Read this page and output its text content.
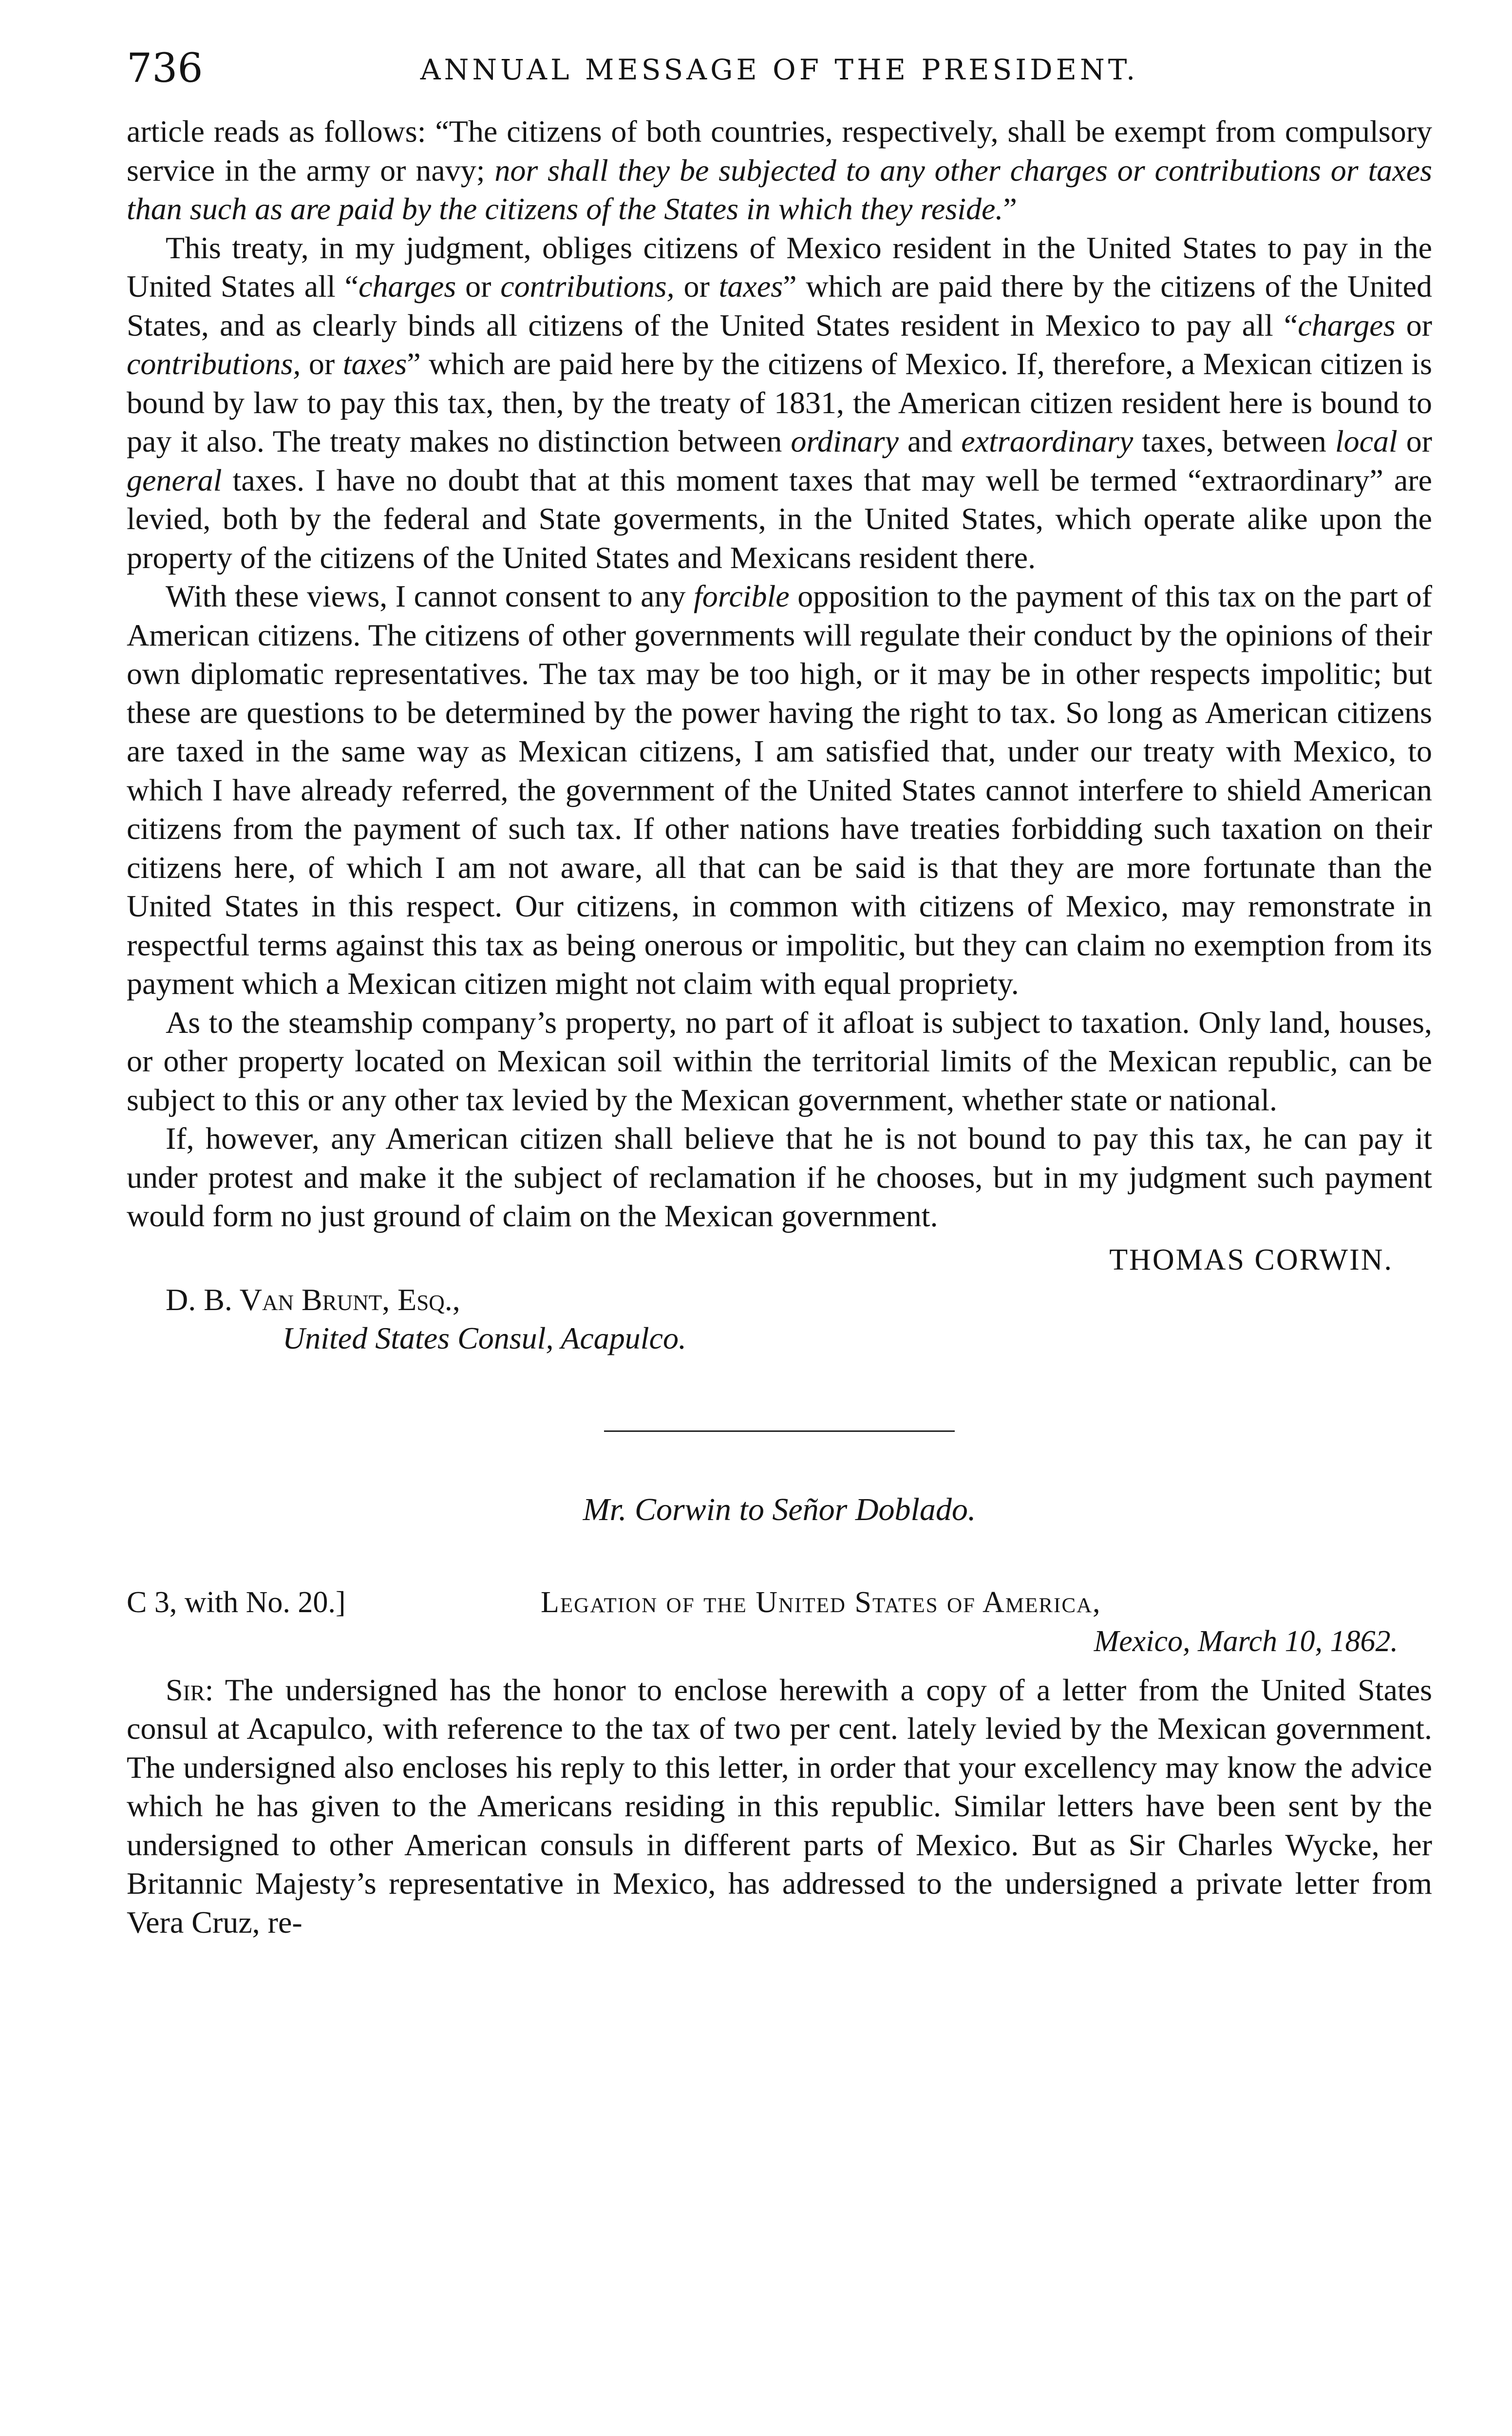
736	ANNUAL MESSAGE OF THE PRESIDENT.

article reads as follows: “The citizens of both countries, respectively, shall be exempt from compulsory service in the army or navy; nor shall they be subjected to any other charges or contributions or taxes than such as are paid by the citizens of the States in which they reside.”

This treaty, in my judgment, obliges citizens of Mexico resident in the United States to pay in the United States all “charges or contributions, or taxes” which are paid there by the citizens of the United States, and as clearly binds all citizens of the United States resident in Mexico to pay all “charges or contributions, or taxes” which are paid here by the citizens of Mexico. If, therefore, a Mexican citizen is bound by law to pay this tax, then, by the treaty of 1831, the American citizen resident here is bound to pay it also. The treaty makes no distinction between ordinary and extraordinary taxes, between local or general taxes. I have no doubt that at this moment taxes that may well be termed “extraordinary” are levied, both by the federal and State goverments, in the United States, which operate alike upon the property of the citizens of the United States and Mexicans resident there.

With these views, I cannot consent to any forcible opposition to the payment of this tax on the part of American citizens. The citizens of other governments will regulate their conduct by the opinions of their own diplomatic representatives. The tax may be too high, or it may be in other respects impolitic; but these are questions to be determined by the power having the right to tax. So long as American citizens are taxed in the same way as Mexican citizens, I am satisfied that, under our treaty with Mexico, to which I have already referred, the government of the United States cannot interfere to shield American citizens from the payment of such tax. If other nations have treaties forbidding such taxation on their citizens here, of which I am not aware, all that can be said is that they are more fortunate than the United States in this respect. Our citizens, in common with citizens of Mexico, may remonstrate in respectful terms against this tax as being onerous or impolitic, but they can claim no exemption from its payment which a Mexican citizen might not claim with equal propriety.

As to the steamship company’s property, no part of it afloat is subject to taxation. Only land, houses, or other property located on Mexican soil within the territorial limits of the Mexican republic, can be subject to this or any other tax levied by the Mexican government, whether state or national.

If, however, any American citizen shall believe that he is not bound to pay this tax, he can pay it under protest and make it the subject of reclamation if he chooses, but in my judgment such payment would form no just ground of claim on the Mexican government.

THOMAS CORWIN.
D. B. Van Brunt, Esq.,
United States Consul, Acapulco.
Mr. Corwin to Señor Doblado.
C 3, with No. 20.]	Legation of the United States of America,
Mexico, March 10, 1862.

Sir: The undersigned has the honor to enclose herewith a copy of a letter from the United States consul at Acapulco, with reference to the tax of two per cent. lately levied by the Mexican government. The undersigned also encloses his reply to this letter, in order that your excellency may know the advice which he has given to the Americans residing in this republic. Similar letters have been sent by the undersigned to other American consuls in different parts of Mexico. But as Sir Charles Wycke, her Britannic Majesty’s representative in Mexico, has addressed to the undersigned a private letter from Vera Cruz, re-
